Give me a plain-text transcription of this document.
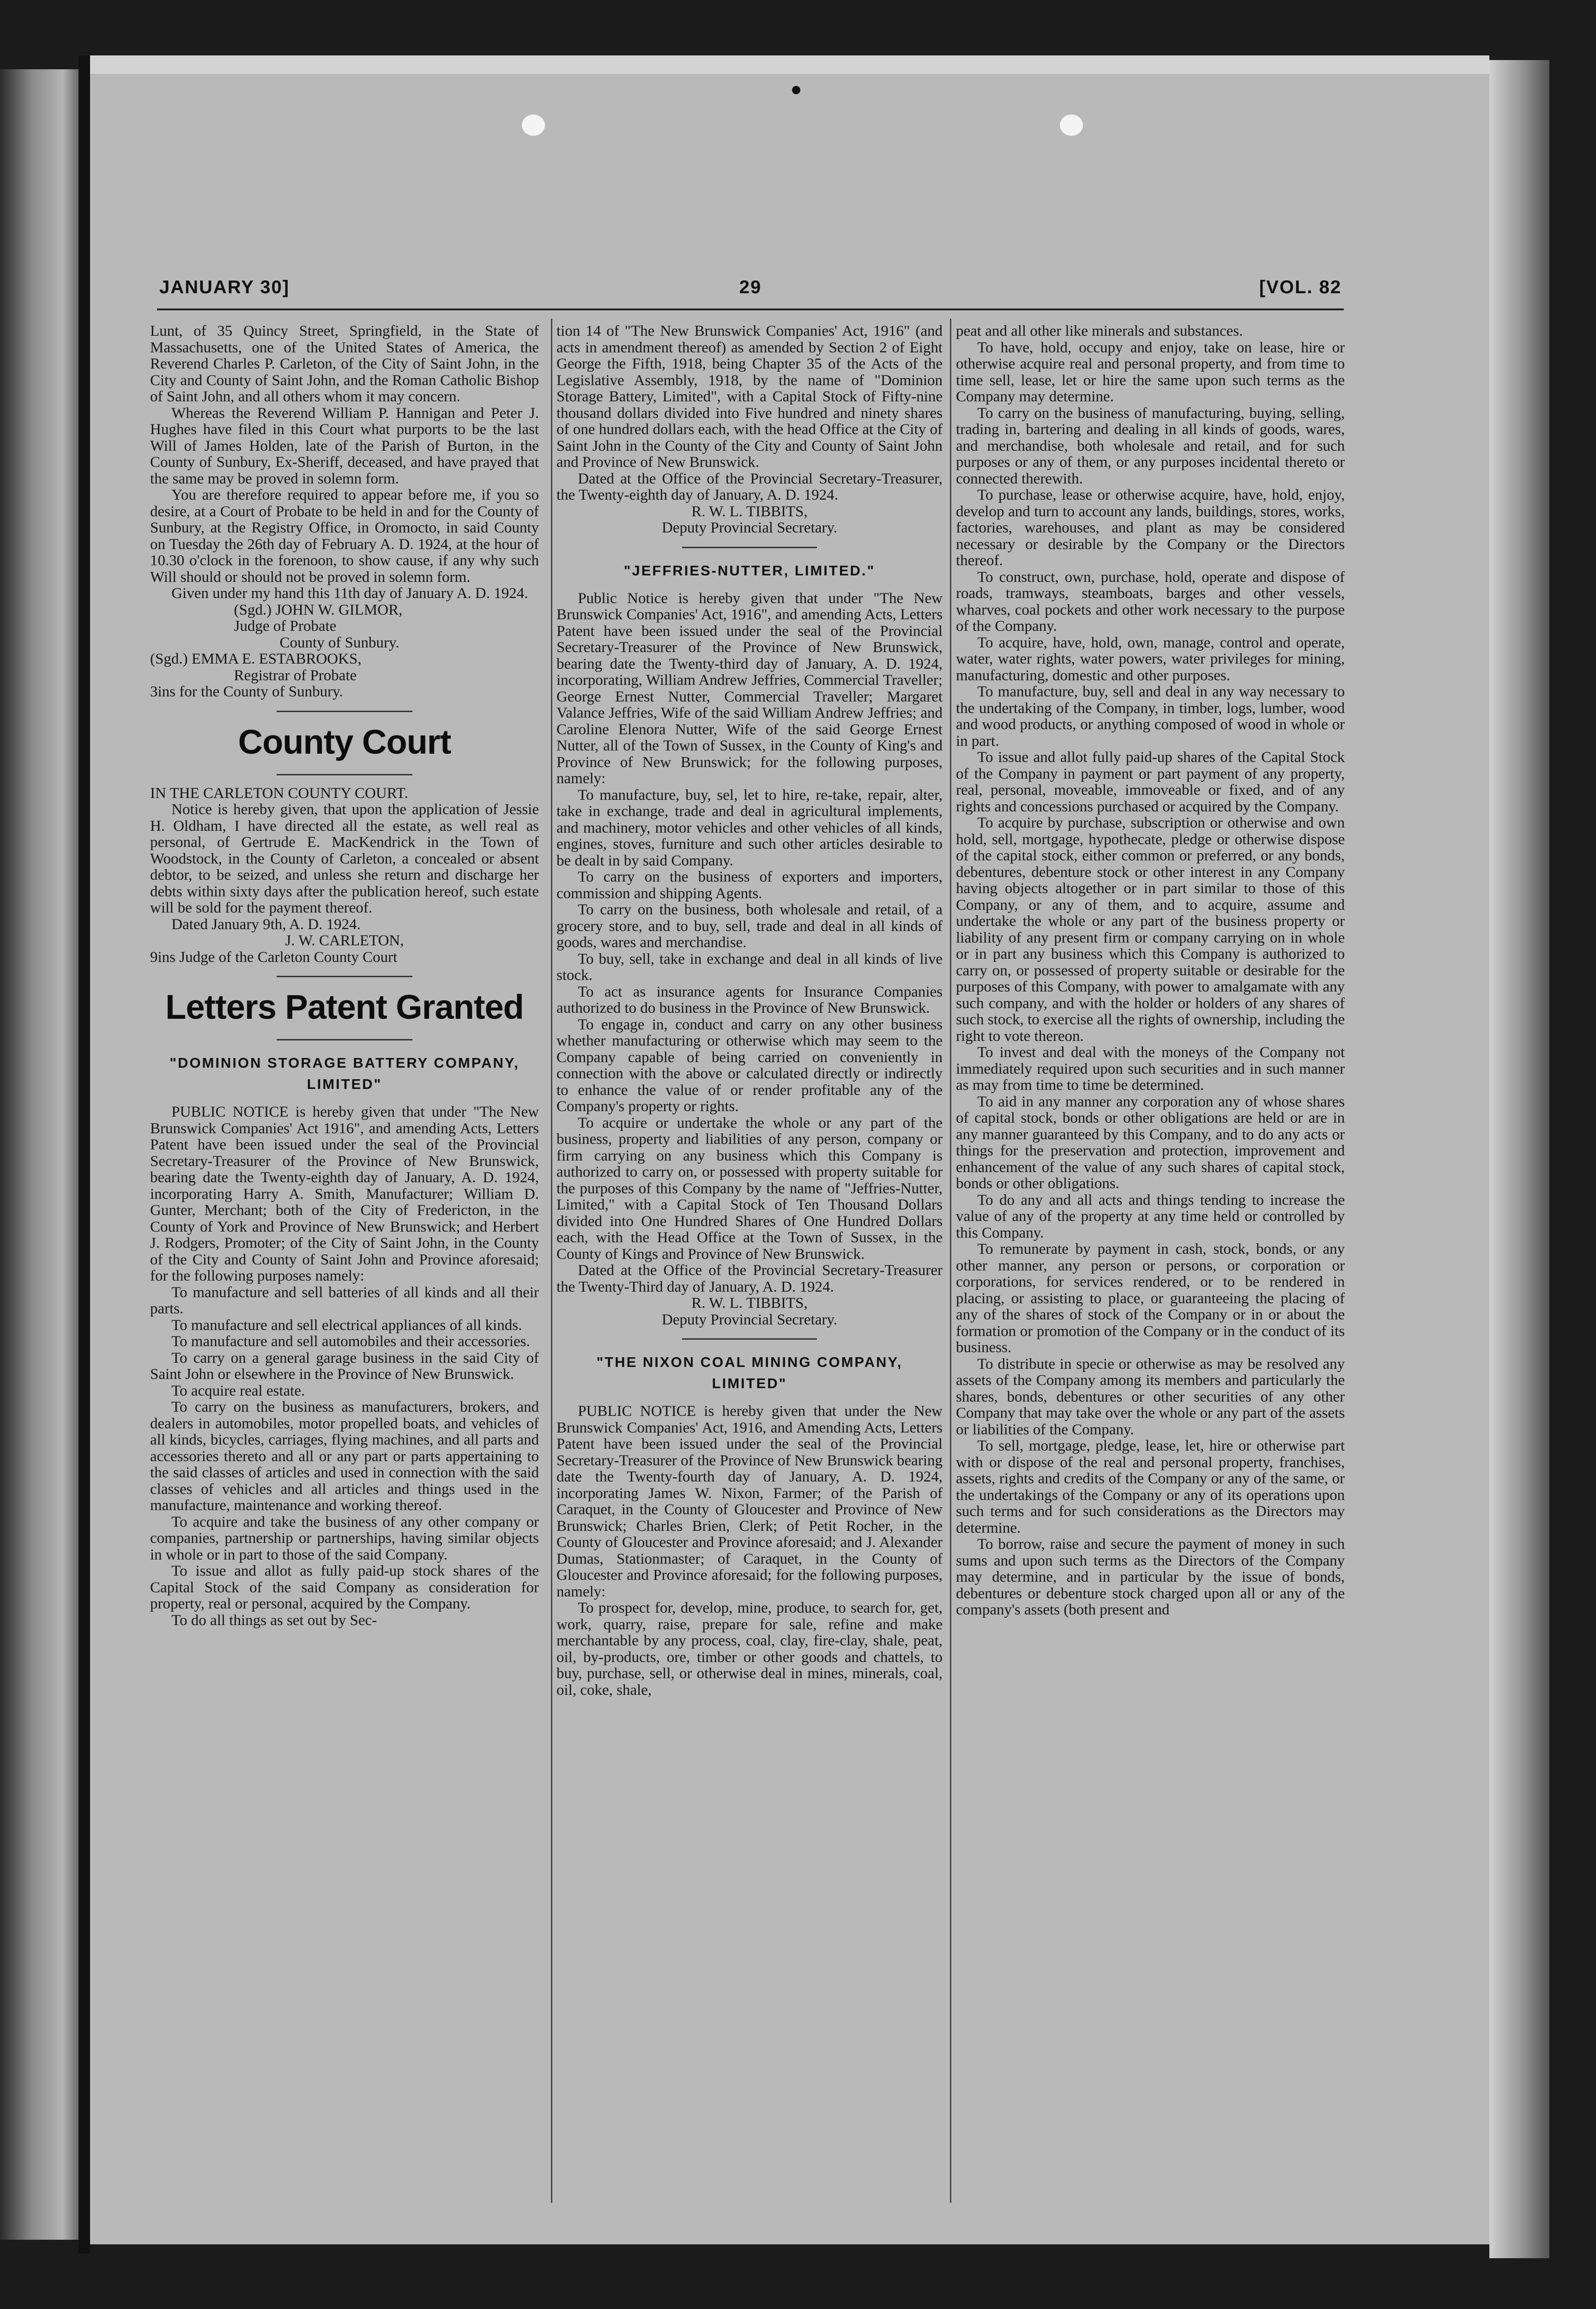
JANUARY 30]	29	[VOL. 82

Lunt, of 35 Quincy Street, Springfield, in the State of Massachusetts, one of the United States of America, the Reverend Charles P. Carleton, of the City of Saint John, in the City and County of Saint John, and the Roman Catholic Bishop of Saint John, and all others whom it may concern.

Whereas the Reverend William P. Hannigan and Peter J. Hughes have filed in this Court what purports to be the last Will of James Holden, late of the Parish of Burton, in the County of Sunbury, Ex-Sheriff, deceased, and have prayed that the same may be proved in solemn form.

You are therefore required to appear before me, if you so desire, at a Court of Probate to be held in and for the County of Sunbury, at the Registry Office, in Oromocto, in said County on Tuesday the 26th day of February A. D. 1924, at the hour of 10.30 o'clock in the forenoon, to show cause, if any why such Will should or should not be proved in solemn form.

Given under my hand this 11th day of January A. D. 1924.

(Sgd.) JOHN W. GILMOR,

Judge of Probate

County of Sunbury.

(Sgd.) EMMA E. ESTABROOKS,

Registrar of Probate

3ins for the County of Sunbury.

County Court

IN THE CARLETON COUNTY COURT.

Notice is hereby given, that upon the application of Jessie H. Oldham, I have directed all the estate, as well real as personal, of Gertrude E. MacKendrick in the Town of Woodstock, in the County of Carleton, a concealed or absent debtor, to be seized, and unless she return and discharge her debts within sixty days after the publication hereof, such estate will be sold for the payment thereof.

Dated January 9th, A. D. 1924.

J. W. CARLETON,

9ins Judge of the Carleton County Court

Letters Patent Granted
"DOMINION STORAGE BATTERY COMPANY, LIMITED"

PUBLIC NOTICE is hereby given that under "The New Brunswick Companies' Act 1916", and amending Acts, Letters Patent have been issued under the seal of the Provincial Secretary-Treasurer of the Province of New Brunswick, bearing date the Twenty-eighth day of January, A. D. 1924, incorporating Harry A. Smith, Manufacturer; William D. Gunter, Merchant; both of the City of Fredericton, in the County of York and Province of New Brunswick; and Herbert J. Rodgers, Promoter; of the City of Saint John, in the County of the City and County of Saint John and Province aforesaid; for the following purposes namely:

To manufacture and sell batteries of all kinds and all their parts.

To manufacture and sell electrical appliances of all kinds.

To manufacture and sell automobiles and their accessories.

To carry on a general garage business in the said City of Saint John or elsewhere in the Province of New Brunswick.

To acquire real estate.

To carry on the business as manufacturers, brokers, and dealers in automobiles, motor propelled boats, and vehicles of all kinds, bicycles, carriages, flying machines, and all parts and accessories thereto and all or any part or parts appertaining to the said classes of articles and used in connection with the said classes of vehicles and all articles and things used in the manufacture, maintenance and working thereof.

To acquire and take the business of any other company or companies, partnership or partnerships, having similar objects in whole or in part to those of the said Company.

To issue and allot as fully paid-up stock shares of the Capital Stock of the said Company as consideration for property, real or personal, acquired by the Company.

To do all things as set out by Sec-

tion 14 of "The New Brunswick Companies' Act, 1916" (and acts in amendment thereof) as amended by Section 2 of Eight George the Fifth, 1918, being Chapter 35 of the Acts of the Legislative Assembly, 1918, by the name of "Dominion Storage Battery, Limited", with a Capital Stock of Fifty-nine thousand dollars divided into Five hundred and ninety shares of one hundred dollars each, with the head Office at the City of Saint John in the County of the City and County of Saint John and Province of New Brunswick.

Dated at the Office of the Provincial Secretary-Treasurer, the Twenty-eighth day of January, A. D. 1924.

R. W. L. TIBBITS,

Deputy Provincial Secretary.

"JEFFRIES-NUTTER, LIMITED."

Public Notice is hereby given that under "The New Brunswick Companies' Act, 1916", and amending Acts, Letters Patent have been issued under the seal of the Provincial Secretary-Treasurer of the Province of New Brunswick, bearing date the Twenty-third day of January, A. D. 1924, incorporating, William Andrew Jeffries, Commercial Traveller; George Ernest Nutter, Commercial Traveller; Margaret Valance Jeffries, Wife of the said William Andrew Jeffries; and Caroline Elenora Nutter, Wife of the said George Ernest Nutter, all of the Town of Sussex, in the County of King's and Province of New Brunswick; for the following purposes, namely:

To manufacture, buy, sel, let to hire, re-take, repair, alter, take in exchange, trade and deal in agricultural implements, and machinery, motor vehicles and other vehicles of all kinds, engines, stoves, furniture and such other articles desirable to be dealt in by said Company.

To carry on the business of exporters and importers, commission and shipping Agents.

To carry on the business, both wholesale and retail, of a grocery store, and to buy, sell, trade and deal in all kinds of goods, wares and merchandise.

To buy, sell, take in exchange and deal in all kinds of live stock.

To act as insurance agents for Insurance Companies authorized to do business in the Province of New Brunswick.

To engage in, conduct and carry on any other business whether manufacturing or otherwise which may seem to the Company capable of being carried on conveniently in connection with the above or calculated directly or indirectly to enhance the value of or render profitable any of the Company's property or rights.

To acquire or undertake the whole or any part of the business, property and liabilities of any person, company or firm carrying on any business which this Company is authorized to carry on, or possessed with property suitable for the purposes of this Company by the name of "Jeffries-Nutter, Limited," with a Capital Stock of Ten Thousand Dollars divided into One Hundred Shares of One Hundred Dollars each, with the Head Office at the Town of Sussex, in the County of Kings and Province of New Brunswick.

Dated at the Office of the Provincial Secretary-Treasurer the Twenty-Third day of January, A. D. 1924.

R. W. L. TIBBITS,

Deputy Provincial Secretary.

"THE NIXON COAL MINING COMPANY, LIMITED"

PUBLIC NOTICE is hereby given that under the New Brunswick Companies' Act, 1916, and Amending Acts, Letters Patent have been issued under the seal of the Provincial Secretary-Treasurer of the Province of New Brunswick bearing date the Twenty-fourth day of January, A. D. 1924, incorporating James W. Nixon, Farmer; of the Parish of Caraquet, in the County of Gloucester and Province of New Brunswick; Charles Brien, Clerk; of Petit Rocher, in the County of Gloucester and Province aforesaid; and J. Alexander Dumas, Stationmaster; of Caraquet, in the County of Gloucester and Province aforesaid; for the following purposes, namely:

To prospect for, develop, mine, produce, to search for, get, work, quarry, raise, prepare for sale, refine and make merchantable by any process, coal, clay, fire-clay, shale, peat, oil, by-products, ore, timber or other goods and chattels, to buy, purchase, sell, or otherwise deal in mines, minerals, coal, oil, coke, shale,

peat and all other like minerals and substances.

To have, hold, occupy and enjoy, take on lease, hire or otherwise acquire real and personal property, and from time to time sell, lease, let or hire the same upon such terms as the Company may determine.

To carry on the business of manufacturing, buying, selling, trading in, bartering and dealing in all kinds of goods, wares, and merchandise, both wholesale and retail, and for such purposes or any of them, or any purposes incidental thereto or connected therewith.

To purchase, lease or otherwise acquire, have, hold, enjoy, develop and turn to account any lands, buildings, stores, works, factories, warehouses, and plant as may be considered necessary or desirable by the Company or the Directors thereof.

To construct, own, purchase, hold, operate and dispose of roads, tramways, steamboats, barges and other vessels, wharves, coal pockets and other work necessary to the purpose of the Company.

To acquire, have, hold, own, manage, control and operate, water, water rights, water powers, water privileges for mining, manufacturing, domestic and other purposes.

To manufacture, buy, sell and deal in any way necessary to the undertaking of the Company, in timber, logs, lumber, wood and wood products, or anything composed of wood in whole or in part.

To issue and allot fully paid-up shares of the Capital Stock of the Company in payment or part payment of any property, real, personal, moveable, immoveable or fixed, and of any rights and concessions purchased or acquired by the Company.

To acquire by purchase, subscription or otherwise and own hold, sell, mortgage, hypothecate, pledge or otherwise dispose of the capital stock, either common or preferred, or any bonds, debentures, debenture stock or other interest in any Company having objects altogether or in part similar to those of this Company, or any of them, and to acquire, assume and undertake the whole or any part of the business property or liability of any present firm or company carrying on in whole or in part any business which this Company is authorized to carry on, or possessed of property suitable or desirable for the purposes of this Company, with power to amalgamate with any such company, and with the holder or holders of any shares of such stock, to exercise all the rights of ownership, including the right to vote thereon.

To invest and deal with the moneys of the Company not immediately required upon such securities and in such manner as may from time to time be determined.

To aid in any manner any corporation any of whose shares of capital stock, bonds or other obligations are held or are in any manner guaranteed by this Company, and to do any acts or things for the preservation and protection, improvement and enhancement of the value of any such shares of capital stock, bonds or other obligations.

To do any and all acts and things tending to increase the value of any of the property at any time held or controlled by this Company.

To remunerate by payment in cash, stock, bonds, or any other manner, any person or persons, or corporation or corporations, for services rendered, or to be rendered in placing, or assisting to place, or guaranteeing the placing of any of the shares of stock of the Company or in or about the formation or promotion of the Company or in the conduct of its business.

To distribute in specie or otherwise as may be resolved any assets of the Company among its members and particularly the shares, bonds, debentures or other securities of any other Company that may take over the whole or any part of the assets or liabilities of the Company.

To sell, mortgage, pledge, lease, let, hire or otherwise part with or dispose of the real and personal property, franchises, assets, rights and credits of the Company or any of the same, or the undertakings of the Company or any of its operations upon such terms and for such considerations as the Directors may determine.

To borrow, raise and secure the payment of money in such sums and upon such terms as the Directors of the Company may determine, and in particular by the issue of bonds, debentures or debenture stock charged upon all or any of the company's assets (both present and
